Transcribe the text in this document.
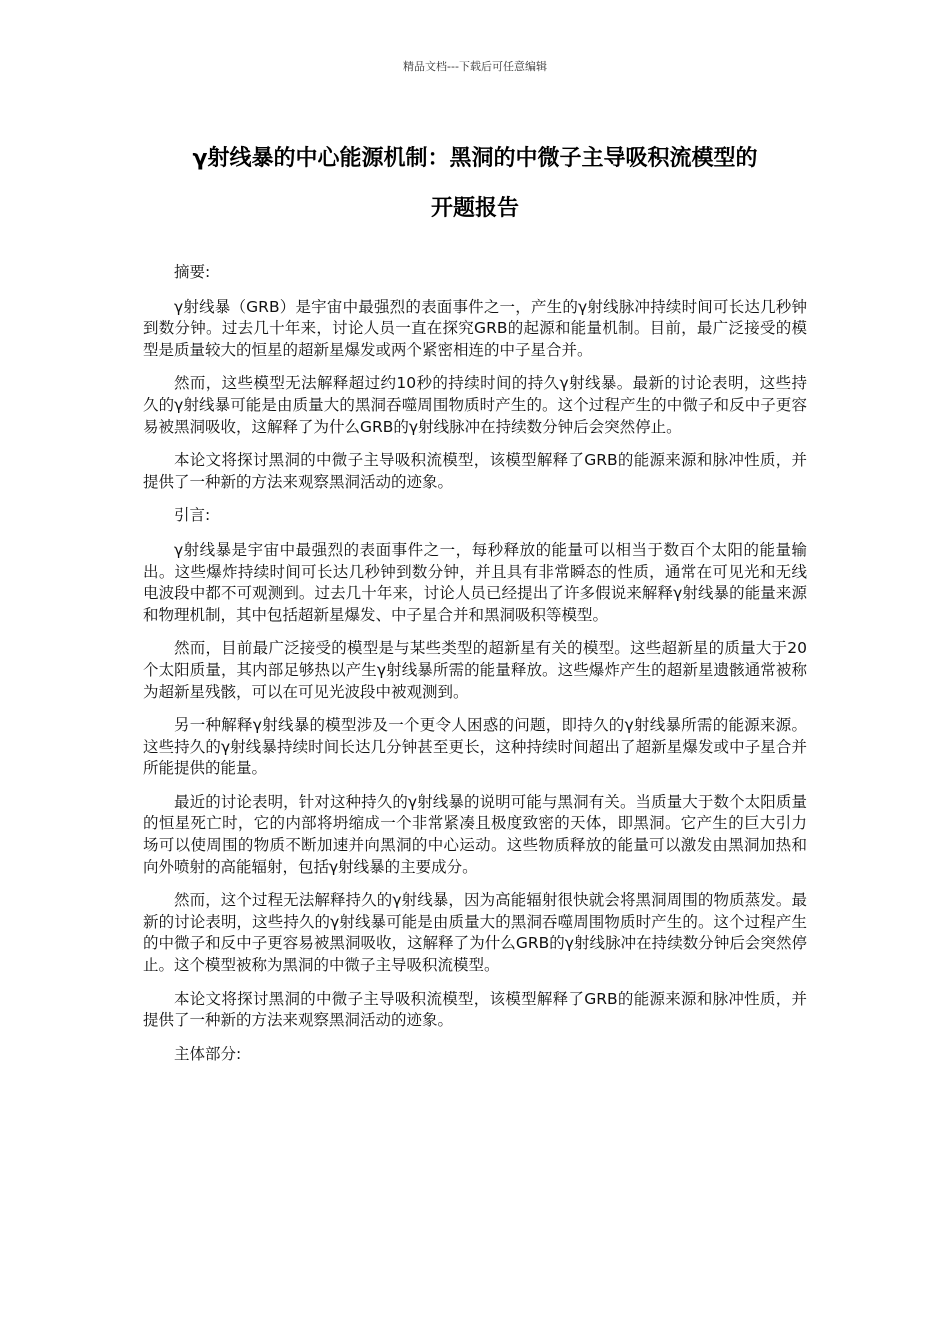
精品文档---下载后可任意编辑
γ射线暴的中心能源机制：黑洞的中微子主导吸积流模型的
开题报告

摘要:

γ射线暴（GRB）是宇宙中最强烈的表面事件之一，产生的γ射线脉冲持续时间可长达几秒钟到数分钟。过去几十年来，讨论人员一直在探究GRB的起源和能量机制。目前，最广泛接受的模型是质量较大的恒星的超新星爆发或两个紧密相连的中子星合并。

然而，这些模型无法解释超过约10秒的持续时间的持久γ射线暴。最新的讨论表明，这些持久的γ射线暴可能是由质量大的黑洞吞噬周围物质时产生的。这个过程产生的中微子和反中子更容易被黑洞吸收，这解释了为什么GRB的γ射线脉冲在持续数分钟后会突然停止。

本论文将探讨黑洞的中微子主导吸积流模型，该模型解释了GRB的能源来源和脉冲性质，并提供了一种新的方法来观察黑洞活动的迹象。

引言:

γ射线暴是宇宙中最强烈的表面事件之一，每秒释放的能量可以相当于数百个太阳的能量输出。这些爆炸持续时间可长达几秒钟到数分钟，并且具有非常瞬态的性质，通常在可见光和无线电波段中都不可观测到。过去几十年来，讨论人员已经提出了许多假说来解释γ射线暴的能量来源和物理机制，其中包括超新星爆发、中子星合并和黑洞吸积等模型。

然而，目前最广泛接受的模型是与某些类型的超新星有关的模型。这些超新星的质量大于20个太阳质量，其内部足够热以产生γ射线暴所需的能量释放。这些爆炸产生的超新星遗骸通常被称为超新星残骸，可以在可见光波段中被观测到。

另一种解释γ射线暴的模型涉及一个更令人困惑的问题，即持久的γ射线暴所需的能源来源。这些持久的γ射线暴持续时间长达几分钟甚至更长，这种持续时间超出了超新星爆发或中子星合并所能提供的能量。

最近的讨论表明，针对这种持久的γ射线暴的说明可能与黑洞有关。当质量大于数个太阳质量的恒星死亡时，它的内部将坍缩成一个非常紧凑且极度致密的天体，即黑洞。它产生的巨大引力场可以使周围的物质不断加速并向黑洞的中心运动。这些物质释放的能量可以激发由黑洞加热和向外喷射的高能辐射，包括γ射线暴的主要成分。

然而，这个过程无法解释持久的γ射线暴，因为高能辐射很快就会将黑洞周围的物质蒸发。最新的讨论表明，这些持久的γ射线暴可能是由质量大的黑洞吞噬周围物质时产生的。这个过程产生的中微子和反中子更容易被黑洞吸收，这解释了为什么GRB的γ射线脉冲在持续数分钟后会突然停止。这个模型被称为黑洞的中微子主导吸积流模型。

本论文将探讨黑洞的中微子主导吸积流模型，该模型解释了GRB的能源来源和脉冲性质，并提供了一种新的方法来观察黑洞活动的迹象。

主体部分:
